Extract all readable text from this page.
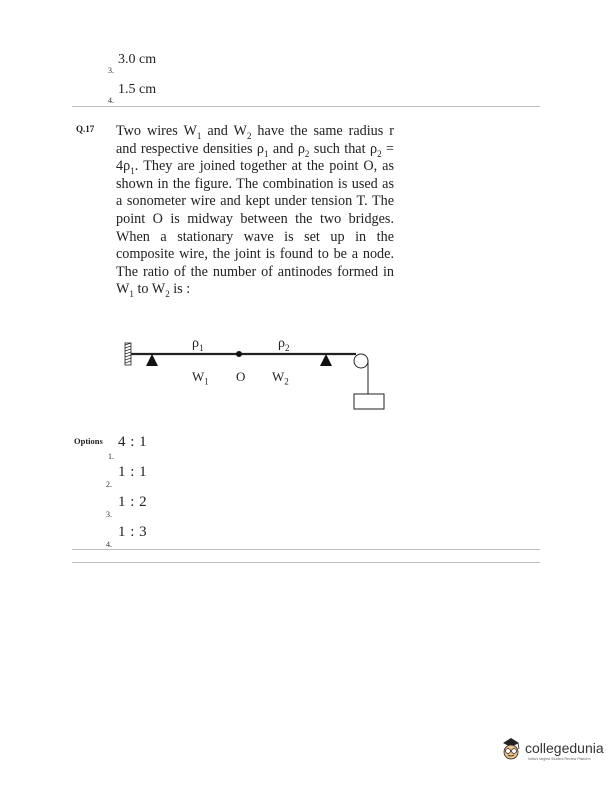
3.0 cm
3.
1.5 cm
4.
Q.17 Two wires $W_1$ and $W_2$ have the same radius r and respective densities $\rho_1$ and $\rho_2$ such that $\rho_2 = 4\rho_1$. They are joined together at the point O, as shown in the figure. The combination is used as a sonometer wire and kept under tension T. The point O is midway between the two bridges. When a stationary wave is set up in the composite wire, the joint is found to be a node. The ratio of the number of antinodes formed in $W_1$ to $W_2$ is :

$\rho_1$	$\rho_2$
$W_1$ O $W_2$
Options 4 : 1
1.
1 : 1
2.
1 : 2
3.
1 : 3
4.
collegedunia
India's largest Student Review Platform
